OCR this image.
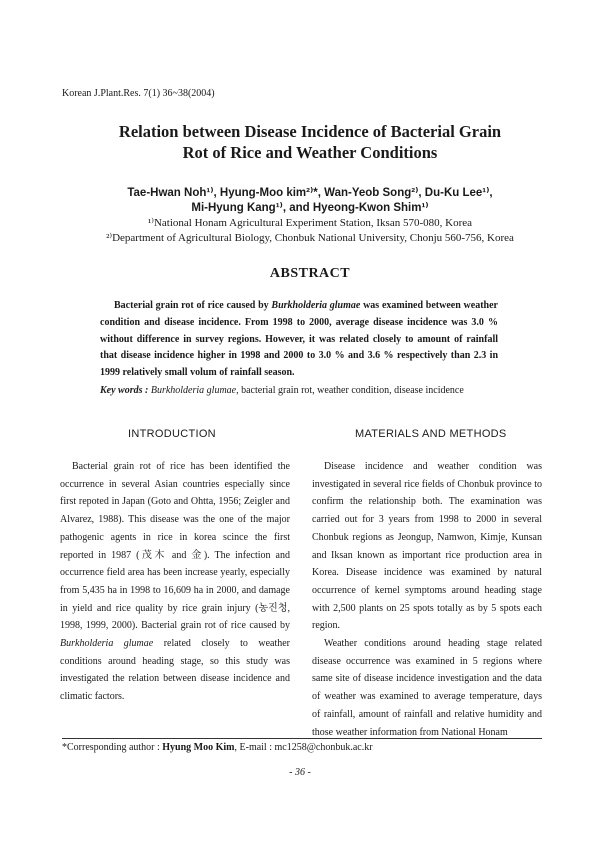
Korean J.Plant.Res. 7(1) 36~38(2004)
Relation between Disease Incidence of Bacterial Grain
Rot of Rice and Weather Conditions
Tae-Hwan Noh¹⁾, Hyung-Moo kim²⁾*, Wan-Yeob Song²⁾, Du-Ku Lee¹⁾,
Mi-Hyung Kang¹⁾, and Hyeong-Kwon Shim¹⁾
¹⁾National Honam Agricultural Experiment Station, Iksan 570-080, Korea
²⁾Department of Agricultural Biology, Chonbuk National University, Chonju 560-756, Korea
ABSTRACT
Bacterial grain rot of rice caused by Burkholderia glumae was examined between weather condition and disease incidence. From 1998 to 2000, average disease incidence was 3.0 % without difference in survey regions. However, it was related closely to amount of rainfall that disease incidence higher in 1998 and 2000 to 3.0 % and 3.6 % respectively than 2.3 in 1999 relatively small volum of rainfall season.
Key words : Burkholderia glumae, bacterial grain rot, weather condition, disease incidence
INTRODUCTION	MATERIALS AND METHODS

Bacterial grain rot of rice has been identified the occurrence in several Asian countries especially since first repoted in Japan (Goto and Ohtta, 1956; Zeigler and Alvarez, 1988). This disease was the one of the major pathogenic agents in rice in korea scince the first reported in 1987 (茂木 and 金). The infection and occurrence field area has been increase yearly, especially from 5,435 ha in 1998 to 16,609 ha in 2000, and damage in yield and rice quality by rice grain injury (농진청, 1998, 1999, 2000). Bacterial grain rot of rice caused by Burkholderia glumae related closely to weather conditions around heading stage, so this study was investigated the relation between disease incidence and climatic factors.

Disease incidence and weather condition was investigated in several rice fields of Chonbuk province to confirm the relationship both. The examination was carried out for 3 years from 1998 to 2000 in several Chonbuk regions as Jeongup, Namwon, Kimje, Kunsan and Iksan known as important rice production area in Korea. Disease incidence was examined by natural occurrence of kernel symptoms around heading stage with 2,500 plants on 25 spots totally as by 5 spots each region.

Weather conditions around heading stage related disease occurrence was examined in 5 regions where same site of disease incidence investigation and the data of weather was examined to average temperature, days of rainfall, amount of rainfall and relative humidity and those weather information from National Honam

*Corresponding author : Hyung Moo Kim, E-mail : mc1258@chonbuk.ac.kr
- 36 -
